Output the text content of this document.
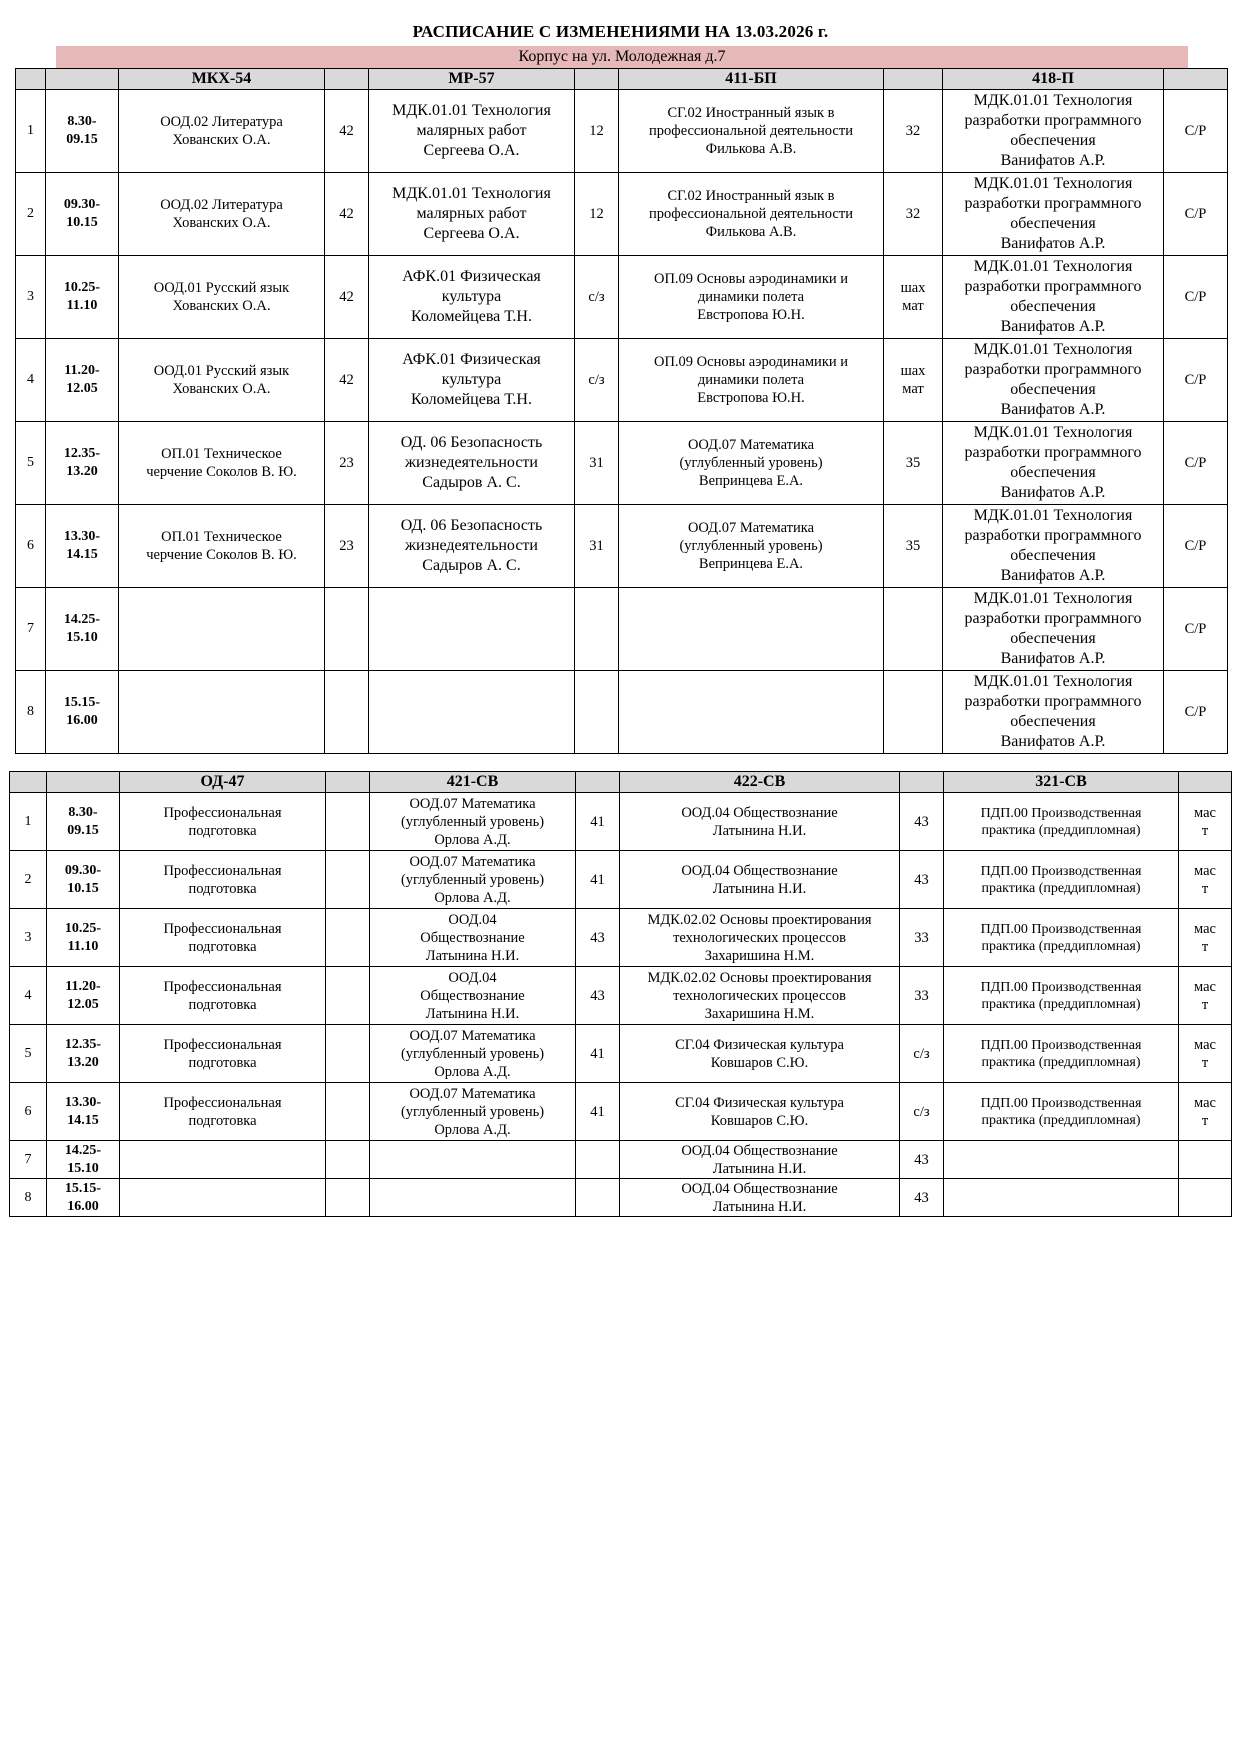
РАСПИСАНИЕ С ИЗМЕНЕНИЯМИ НА 13.03.2026 г.
Корпус на ул. Молодежная д.7
		МКХ-54		МР-57		411-БП		418-П	
1	8.30-
09.15	ООД.02 Литература
Хованских О.А.	42	МДК.01.01 Технология
малярных работ
Сергеева О.А.	12	СГ.02 Иностранный язык в
профессиональной деятельности
Филькова А.В.	32	МДК.01.01 Технология
разработки программного
обеспечения
Ванифатов А.Р.	С/Р
2	09.30-
10.15	ООД.02 Литература
Хованских О.А.	42	МДК.01.01 Технология
малярных работ
Сергеева О.А.	12	СГ.02 Иностранный язык в
профессиональной деятельности
Филькова А.В.	32	МДК.01.01 Технология
разработки программного
обеспечения
Ванифатов А.Р.	С/Р
3	10.25-
11.10	ООД.01 Русский язык
Хованских О.А.	42	АФК.01 Физическая
культура
Коломейцева Т.Н.	с/з	ОП.09 Основы аэродинамики и
динамики полета
Евстропова Ю.Н.	шах
мат	МДК.01.01 Технология
разработки программного
обеспечения
Ванифатов А.Р.	С/Р
4	11.20-
12.05	ООД.01 Русский язык
Хованских О.А.	42	АФК.01 Физическая
культура
Коломейцева Т.Н.	с/з	ОП.09 Основы аэродинамики и
динамики полета
Евстропова Ю.Н.	шах
мат	МДК.01.01 Технология
разработки программного
обеспечения
Ванифатов А.Р.	С/Р
5	12.35-
13.20	ОП.01 Техническое
черчение Соколов В. Ю.	23	ОД. 06 Безопасность
жизнедеятельности
Садыров А. С.	31	ООД.07 Математика
(углубленный уровень)
Вепринцева Е.А.	35	МДК.01.01 Технология
разработки программного
обеспечения
Ванифатов А.Р.	С/Р
6	13.30-
14.15	ОП.01 Техническое
черчение Соколов В. Ю.	23	ОД. 06 Безопасность
жизнедеятельности
Садыров А. С.	31	ООД.07 Математика
(углубленный уровень)
Вепринцева Е.А.	35	МДК.01.01 Технология
разработки программного
обеспечения
Ванифатов А.Р.	С/Р
7	14.25-
15.10							МДК.01.01 Технология
разработки программного
обеспечения
Ванифатов А.Р.	С/Р
8	15.15-
16.00							МДК.01.01 Технология
разработки программного
обеспечения
Ванифатов А.Р.	С/Р
		ОД-47		421-СВ		422-СВ		321-СВ	
1	8.30-
09.15	Профессиональная
подготовка		ООД.07 Математика
(углубленный уровень)
Орлова А.Д.	41	ООД.04 Обществознание
Латынина Н.И.	43	ПДП.00 Производственная
практика (преддипломная)	мас
т
2	09.30-
10.15	Профессиональная
подготовка		ООД.07 Математика
(углубленный уровень)
Орлова А.Д.	41	ООД.04 Обществознание
Латынина Н.И.	43	ПДП.00 Производственная
практика (преддипломная)	мас
т
3	10.25-
11.10	Профессиональная
подготовка		ООД.04
Обществознание
Латынина Н.И.	43	МДК.02.02 Основы проектирования
технологических процессов
Захаришина Н.М.	33	ПДП.00 Производственная
практика (преддипломная)	мас
т
4	11.20-
12.05	Профессиональная
подготовка		ООД.04
Обществознание
Латынина Н.И.	43	МДК.02.02 Основы проектирования
технологических процессов
Захаришина Н.М.	33	ПДП.00 Производственная
практика (преддипломная)	мас
т
5	12.35-
13.20	Профессиональная
подготовка		ООД.07 Математика
(углубленный уровень)
Орлова А.Д.	41	СГ.04 Физическая культура
Ковшаров С.Ю.	с/з	ПДП.00 Производственная
практика (преддипломная)	мас
т
6	13.30-
14.15	Профессиональная
подготовка		ООД.07 Математика
(углубленный уровень)
Орлова А.Д.	41	СГ.04 Физическая культура
Ковшаров С.Ю.	с/з	ПДП.00 Производственная
практика (преддипломная)	мас
т
7	14.25-
15.10					ООД.04 Обществознание
Латынина Н.И.	43		
8	15.15-
16.00					ООД.04 Обществознание
Латынина Н.И.	43		
